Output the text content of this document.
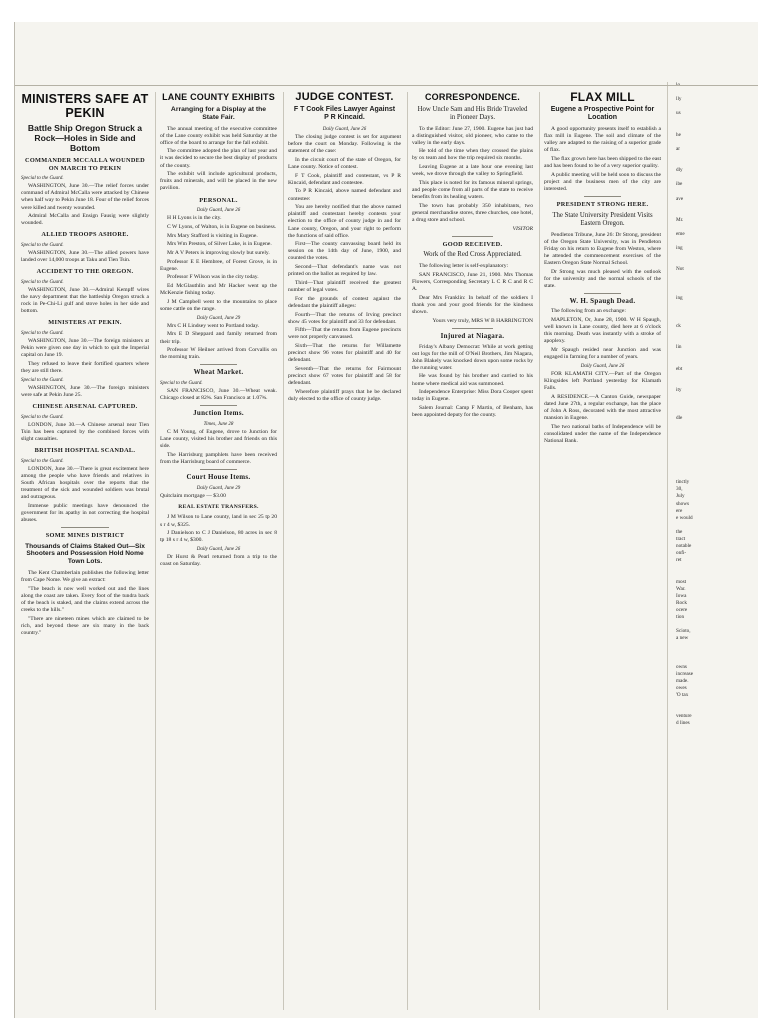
MINISTERS SAFE AT PEKIN
Battle Ship Oregon Struck a Rock—Holes in Side and Bottom
COMMANDER MCCALLA WOUNDED ON MARCH TO PEKIN
Special to the Guard.

WASHINGTON, June 30.—The relief forces under command of Admiral McCalla were attacked by Chinese when half way to Pekin June 18. Four of the relief forces were killed and twenty wounded.

Admiral McCalla and Ensign Fausig were slightly wounded.

ALLIED TROOPS ASHORE.
Special to the Guard.

WASHINGTON, June 30.—The allied powers have landed over 14,000 troops at Taku and Tien Tsin.

ACCIDENT TO THE OREGON.
Special to the Guard.

WASHINGTON, June 30.—Admiral Kempff wires the navy department that the battleship Oregon struck a rock in Pe-Chi-Li gulf and stove holes in her side and bottom.

MINISTERS AT PEKIN.
Special to the Guard.

WASHINGTON, June 30.—The foreign ministers at Pekin were given one day in which to quit the Imperial capital on June 19.

They refused to leave their fortified quarters where they are still there.

Special to the Guard.

WASHINGTON, June 30.—The foreign ministers were safe at Pekin June 25.

CHINESE ARSENAL CAPTURED.
Special to the Guard.

LONDON, June 30.—A Chinese arsenal near Tien Tsin has been captured by the combined forces with slight casualties.

BRITISH HOSPITAL SCANDAL.
Special to the Guard.

LONDON, June 30.—There is great excitement here among the people who have friends and relatives in South African hospitals over the reports that the treatment of the sick and wounded soldiers was brutal and outrageous.

Immense public meetings have denounced the government for its apathy in not correcting the hospital abuses.

SOME MINES DISTRICT
Thousands of Claims Staked Out—Six Shooters and Possession Hold Nome Town Lots.

The Kent Chamberlain publishes the following letter from Cape Nome. We give an extract:

"The beach is now well worked out and the lines along the coast are taken. Every foot of the tundra back of the beach is staked, and the claims extend across the creeks to the hills."

"There are nineteen mines which are claimed to be rich, and beyond these are six many in the back country."

LANE COUNTY EXHIBITS
Arranging for a Display at the State Fair.

The annual meeting of the executive committee of the Lane county exhibit was held Saturday at the office of the board to arrange for the fall exhibit.

The committee adopted the plan of last year and it was decided to secure the best display of products of the county.

The exhibit will include agricultural products, fruits and minerals, and will be placed in the new pavilion.

PERSONAL.
Daily Guard, June 26

H H Lyons is in the city.

C W Lyons, of Walton, is in Eugene on business.

Mrs Mary Stafford is visiting in Eugene.

Mrs Wm Preston, of Silver Lake, is in Eugene.

Mr A V Peters is improving slowly but surely.

Professor E E Hembree, of Forest Grove, is in Eugene.

Professor F Wilson was in the city today.

Ed McGlauthlin and Mr Hacker went up the McKenzie fishing today.

J M Campbell went to the mountains to place some cattle on the range.

Daily Guard, June 29

Mrs C H Lindsey went to Portland today.

Mrs E D Sheppard and family returned from their trip.

Professor W Heilner arrived from Corvallis on the morning train.

Wheat Market.
Special to the Guard.

SAN FRANCISCO, June 30.—Wheat weak. Chicago closed at 82¾. San Francisco at 1.07¾.

Junction Items.
Times, June 28

C M Young, of Eugene, drove to Junction for Lane county, visited his brother and friends on this side.

The Harrisburg pamphlets have been received from the Harrisburg board of commerce.

Court House Items.
Daily Guard, June 29

Quitclaim mortgage — $3.00

REAL ESTATE TRANSFERS.

J M Wilson to Lane county, land in sec 25 tp 20 s r 4 w, $325.

J Danielson to C J Danielson, 80 acres in sec 8 tp 18 s r 4 w, $300.

Daily Guard, June 26

Dr Hurst & Pearl returned from a trip to the coast on Saturday.

JUDGE CONTEST.
F T Cook Files Lawyer Against P R Kincaid.
Daily Guard, June 26

The closing judge contest is set for argument before the court on Monday. Following is the statement of the case:

In the circuit court of the state of Oregon, for Lane county. Notice of contest.

F T Cook, plaintiff and contestant, vs P R Kincaid, defendant and contestee.

To P R Kincaid, above named defendant and contestee:

You are hereby notified that the above named plaintiff and contestant hereby contests your election to the office of county judge in and for Lane county, Oregon, and your right to perform the functions of said office.

First—The county canvassing board held its session on the 14th day of June, 1900, and counted the votes.

Second—That defendant's name was not printed on the ballot as required by law.

Third—That plaintiff received the greatest number of legal votes.

For the grounds of contest against the defendant the plaintiff alleges:

Fourth—That the returns of Irving precinct show 45 votes for plaintiff and 33 for defendant.

Fifth—That the returns from Eugene precincts were not properly canvassed.

Sixth—That the returns for Willamette precinct show 96 votes for plaintiff and 40 for defendant.

Seventh—That the returns for Fairmount precinct show 67 votes for plaintiff and 58 for defendant.

Wherefore plaintiff prays that he be declared duly elected to the office of county judge.

CORRESPONDENCE.
How Uncle Sam and His Bride Traveled in Pioneer Days.

To the Editor: June 27, 1900. Eugene has just had a distinguished visitor, old pioneer, who came to the valley in the early days.

He told of the time when they crossed the plains by ox team and how the trip required six months.

Leaving Eugene at a late hour one evening last week, we drove through the valley to Springfield.

This place is noted for its famous mineral springs, and people come from all parts of the state to receive benefits from its healing waters.

The town has probably 350 inhabitants, two general merchandise stores, three churches, one hotel, a drug store and school.

VISITOR
GOOD RECEIVED.
Work of the Red Cross Appreciated.

The following letter is self-explanatory:

SAN FRANCISCO, June 21, 1900. Mrs Thomas Flowers, Corresponding Secretary L C R C and R C A.

Dear Mrs Franklin: In behalf of the soldiers I thank you and your good friends for the kindness shown.

Yours very truly, MRS W B HARRINGTON

Injured at Niagara.

Friday's Albany Democrat: While at work getting out logs for the mill of O'Neil Brothers, Jim Niagara, John Blakely was knocked down upon some rocks by the running water.

He was found by his brother and carried to his home where medical aid was summoned.

Independence Enterprise: Miss Dora Cooper spent today in Eugene.

Salem Journal: Camp F Martin, of Benham, has been appointed deputy for the county.

FLAX MILL
Eugene a Prospective Point for Location

A good opportunity presents itself to establish a flax mill in Eugene. The soil and climate of the valley are adapted to the raising of a superior grade of flax.

The flax grown here has been shipped to the east and has been found to be of a very superior quality.

A public meeting will be held soon to discuss the project and the business men of the city are interested.

PRESIDENT STRONG HERE.
The State University President Visits Eastern Oregon.

Pendleton Tribune, June 26: Dr Strong, president of the Oregon State University, was in Pendleton Friday on his return to Eugene from Weston, where he attended the commencement exercises of the Eastern Oregon State Normal School.

Dr Strong was much pleased with the outlook for the university and the normal schools of the state.

W. H. Spaugh Dead.

The following from an exchange:

MAPLETON, Or, June 28, 1900. W H Spaugh, well known in Lane county, died here at 6 o'clock this morning. Death was instantly with a stroke of apoplexy.

Mr Spaugh resided near Junction and was engaged in farming for a number of years.

Daily Guard, June 26

FOR KLAMATH CITY.—Part of the Oregon Klingsides left Portland yesterday for Klamath Falls.

A RESIDENCE.—A Canton Guide, newspaper dated June 27th, a regular exchange, has the place of John A Ross, decorated with the most attractive mansion in Eugene.

The two national baths of Independence will be consolidated under the name of the Independence National Bank.

lo

lly

us

he

ar

dly

ibe

ave

Mr.

eme

ing

Not

ing

ck

lin

ebt

ity

dle

tinctly
30,
July
shows
ere
e would

the
tract
notable
onfi-
ret

most
War.
Iowa
Rock
ocere
tion

Scioto,
a new

owns
increase
made.
owes
'O tax

venture
d lines
